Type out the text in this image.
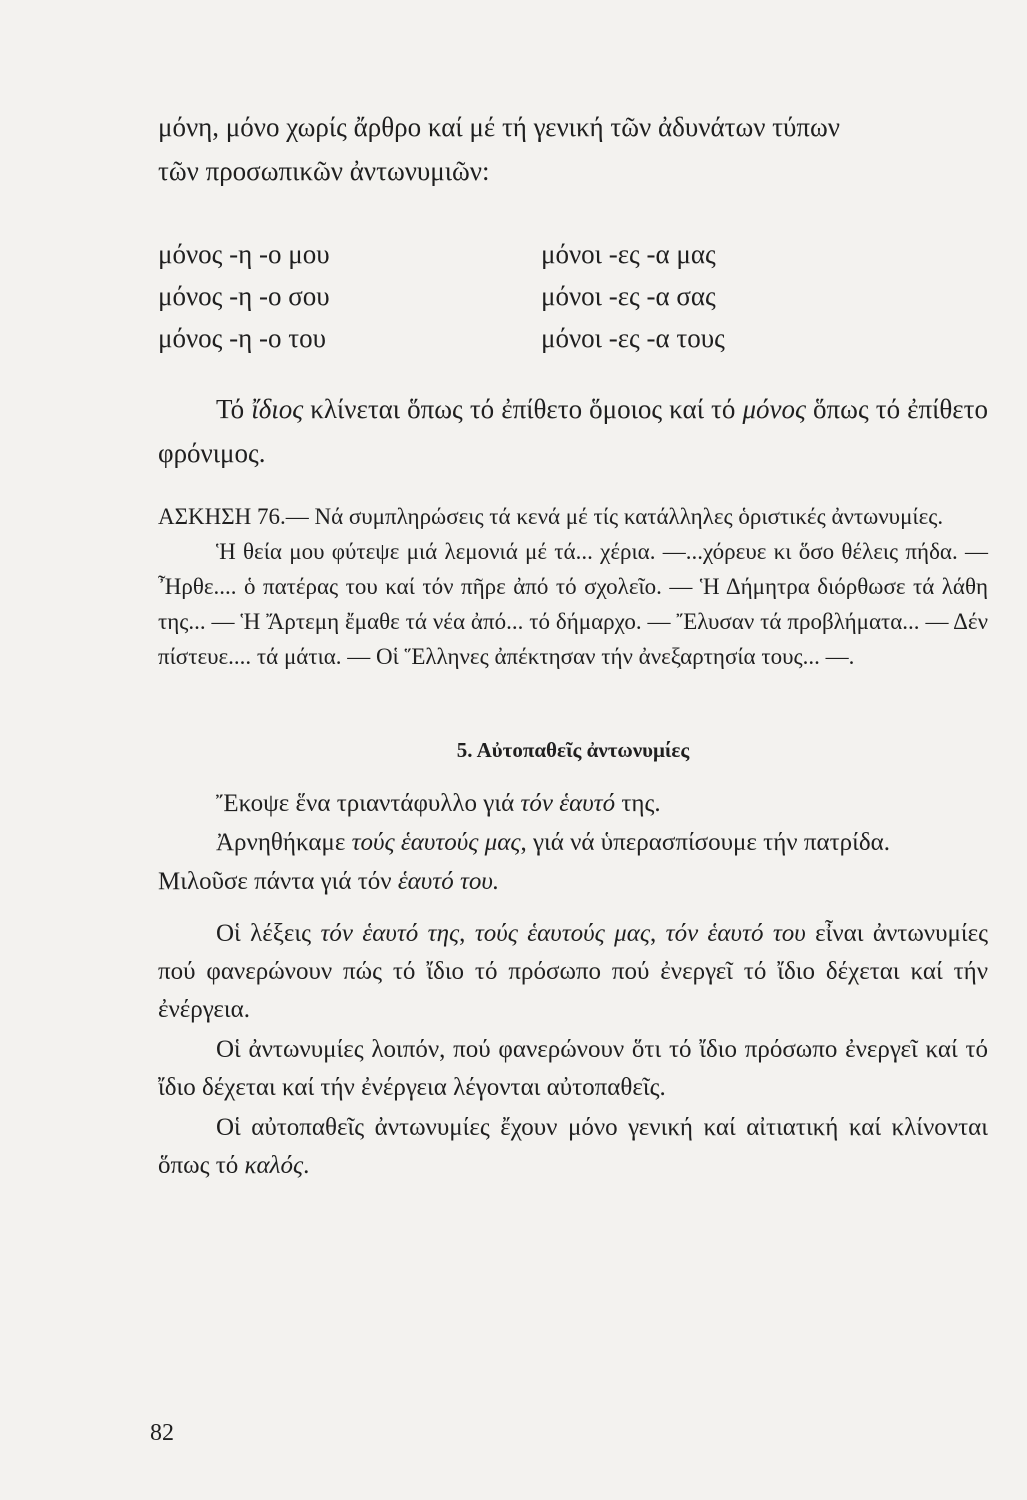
μόνη, μόνο χωρίς ἄρθρο καί μέ τή γενική τῶν ἀδυνάτων τύπων
τῶν προσωπικῶν ἀντωνυμιῶν:

μόνος -η -ο μου	μόνοι -ες -α μας
μόνος -η -ο σου	μόνοι -ες -α σας
μόνος -η -ο του	μόνοι -ες -α τους

Τό ἴδιος κλίνεται ὅπως τό ἐπίθετο ὅμοιος καί τό μόνος ὅπως τό ἐπίθετο φρόνιμος.

ΑΣΚΗΣΗ 76.— Νά συμπληρώσεις τά κενά μέ τίς κατάλληλες ὁριστικές ἀντωνυμίες.

Ἡ θεία μου φύτεψε μιά λεμονιά μέ τά... χέρια. —...χόρευε κι ὅσο θέλεις πήδα. — Ἦρθε.... ὁ πατέρας του καί τόν πῆρε ἀπό τό σχολεῖο. — Ἡ Δήμητρα διόρθωσε τά λάθη της... — Ἡ Ἄρτεμη ἔμαθε τά νέα ἀπό... τό δήμαρχο. — Ἔλυσαν τά προβλήματα... — Δέν πίστευε.... τά μάτια. — Οἱ Ἕλληνες ἀπέκτησαν τήν ἀνεξαρτησία τους... —.

5. Αὐτοπαθεῖς ἀντωνυμίες

Ἔκοψε ἕνα τριαντάφυλλο γιά τόν ἑαυτό της.

Ἀρνηθήκαμε τούς ἑαυτούς μας, γιά νά ὑπερασπίσουμε τήν πατρίδα.

Μιλοῦσε πάντα γιά τόν ἑαυτό του.

Οἱ λέξεις τόν ἑαυτό της, τούς ἑαυτούς μας, τόν ἑαυτό του εἶναι ἀντωνυμίες πού φανερώνουν πώς τό ἴδιο τό πρόσωπο πού ἐνεργεῖ τό ἴδιο δέχεται καί τήν ἐνέργεια.

Οἱ ἀντωνυμίες λοιπόν, πού φανερώνουν ὅτι τό ἴδιο πρόσωπο ἐνεργεῖ καί τό ἴδιο δέχεται καί τήν ἐνέργεια λέγονται αὐτοπαθεῖς.

Οἱ αὐτοπαθεῖς ἀντωνυμίες ἔχουν μόνο γενική καί αἰτιατική καί κλίνονται ὅπως τό καλός.

82
